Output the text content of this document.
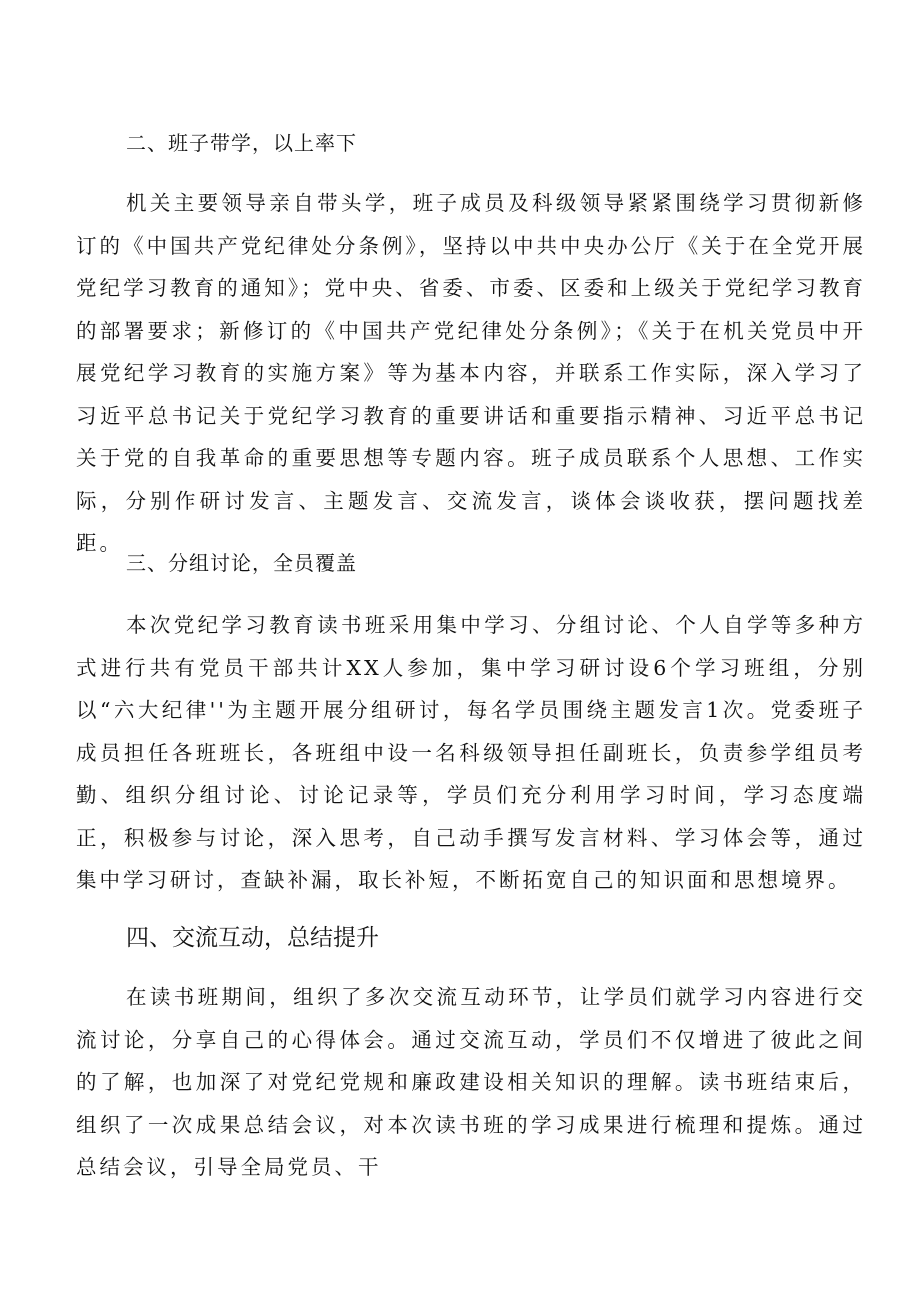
二、班子带学，以上率下
机关主要领导亲自带头学，班子成员及科级领导紧紧围绕学习贯彻新修订的《中国共产党纪律处分条例》，坚持以中共中央办公厅《关于在全党开展党纪学习教育的通知》；党中央、省委、市委、区委和上级关于党纪学习教育的部署要求；新修订的《中国共产党纪律处分条例》；《关于在机关党员中开展党纪学习教育的实施方案》等为基本内容，并联系工作实际，深入学习了习近平总书记关于党纪学习教育的重要讲话和重要指示精神、习近平总书记关于党的自我革命的重要思想等专题内容。班子成员联系个人思想、工作实际，分别作研讨发言、主题发言、交流发言，谈体会谈收获，摆问题找差距。
三、分组讨论，全员覆盖
本次党纪学习教育读书班采用集中学习、分组讨论、个人自学等多种方式进行共有党员干部共计XX人参加，集中学习研讨设6个学习班组，分别以“六大纪律''为主题开展分组研讨，每名学员围绕主题发言1次。党委班子成员担任各班班长，各班组中设一名科级领导担任副班长，负责参学组员考勤、组织分组讨论、讨论记录等，学员们充分利用学习时间，学习态度端正，积极参与讨论，深入思考，自己动手撰写发言材料、学习体会等，通过集中学习研讨，查缺补漏，取长补短，不断拓宽自己的知识面和思想境界。
四、交流互动，总结提升
在读书班期间，组织了多次交流互动环节，让学员们就学习内容进行交流讨论，分享自己的心得体会。通过交流互动，学员们不仅增进了彼此之间的了解，也加深了对党纪党规和廉政建设相关知识的理解。读书班结束后，组织了一次成果总结会议，对本次读书班的学习成果进行梳理和提炼。通过总结会议，引导全局党员、干
